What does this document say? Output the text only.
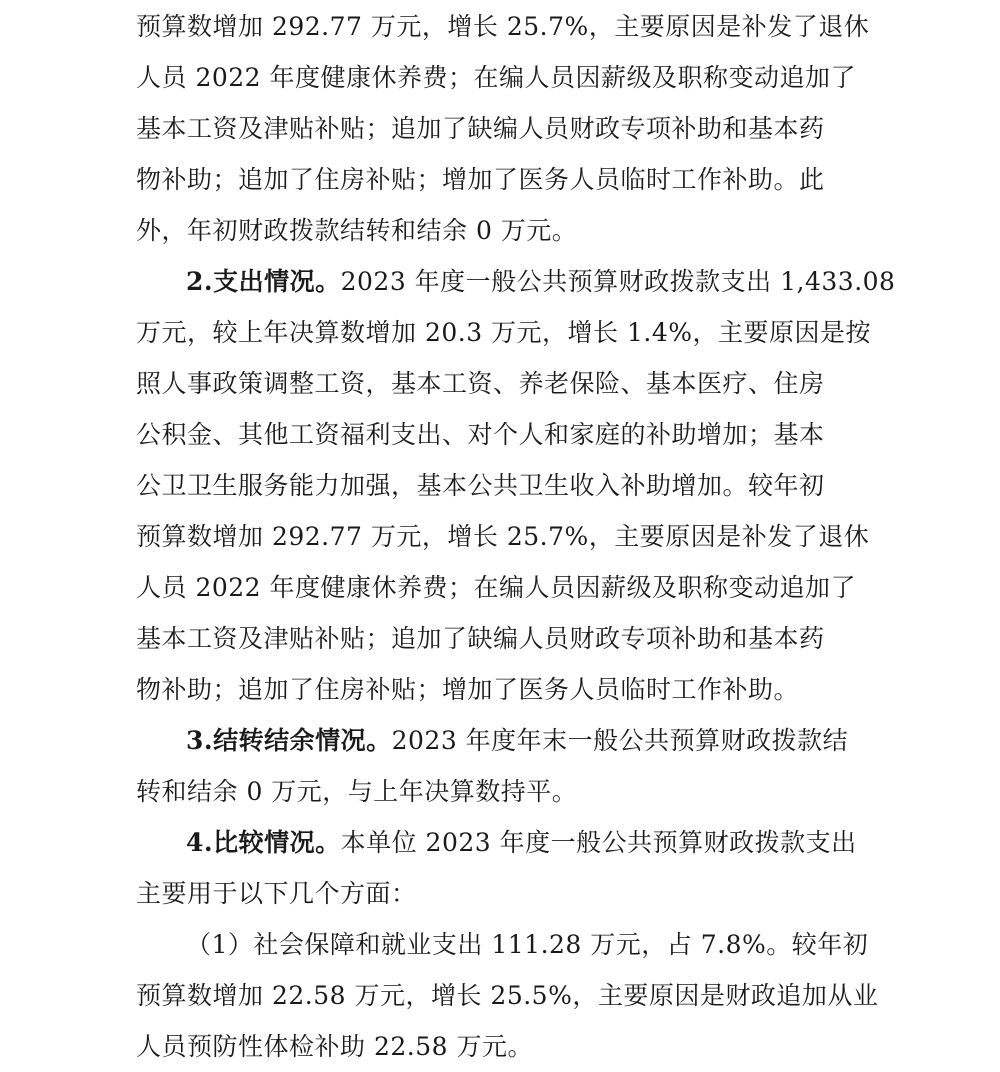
预算数增加 292.77 万元，增长 25.7%，主要原因是补发了退休
人员 2022 年度健康休养费；在编人员因薪级及职称变动追加了
基本工资及津贴补贴；追加了缺编人员财政专项补助和基本药
物补助；追加了住房补贴；增加了医务人员临时工作补助。此
外，年初财政拨款结转和结余 0 万元。
2.支出情况。2023 年度一般公共预算财政拨款支出 1,433.08
万元，较上年决算数增加 20.3 万元，增长 1.4%，主要原因是按
照人事政策调整工资，基本工资、养老保险、基本医疗、住房
公积金、其他工资福利支出、对个人和家庭的补助增加；基本
公卫卫生服务能力加强，基本公共卫生收入补助增加。较年初
预算数增加 292.77 万元，增长 25.7%，主要原因是补发了退休
人员 2022 年度健康休养费；在编人员因薪级及职称变动追加了
基本工资及津贴补贴；追加了缺编人员财政专项补助和基本药
物补助；追加了住房补贴；增加了医务人员临时工作补助。
3.结转结余情况。2023 年度年末一般公共预算财政拨款结
转和结余 0 万元，与上年决算数持平。
4.比较情况。本单位 2023 年度一般公共预算财政拨款支出
主要用于以下几个方面：
（1）社会保障和就业支出 111.28 万元，占 7.8%。较年初
预算数增加 22.58 万元，增长 25.5%，主要原因是财政追加从业
人员预防性体检补助 22.58 万元。
